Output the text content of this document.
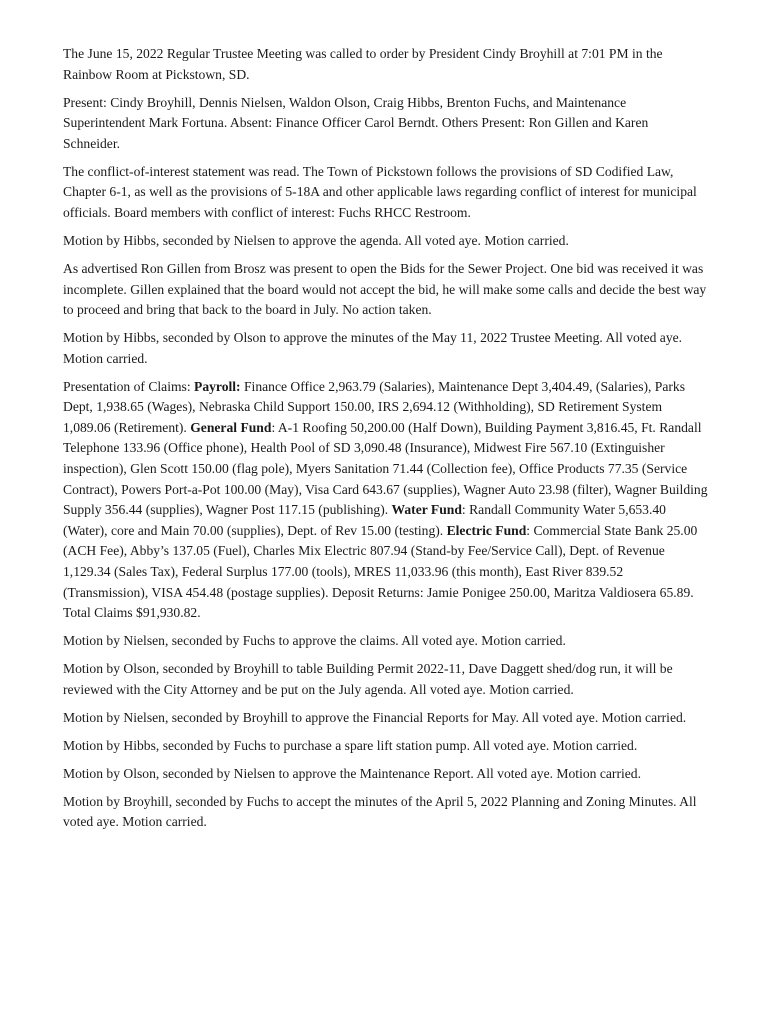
The June 15, 2022 Regular Trustee Meeting was called to order by President Cindy Broyhill at 7:01 PM in the Rainbow Room at Pickstown, SD.

Present: Cindy Broyhill, Dennis Nielsen, Waldon Olson, Craig Hibbs, Brenton Fuchs, and Maintenance Superintendent Mark Fortuna. Absent: Finance Officer Carol Berndt. Others Present: Ron Gillen and Karen Schneider.

The conflict-of-interest statement was read. The Town of Pickstown follows the provisions of SD Codified Law, Chapter 6-1, as well as the provisions of 5-18A and other applicable laws regarding conflict of interest for municipal officials. Board members with conflict of interest: Fuchs RHCC Restroom.

Motion by Hibbs, seconded by Nielsen to approve the agenda. All voted aye. Motion carried.

As advertised Ron Gillen from Brosz was present to open the Bids for the Sewer Project. One bid was received it was incomplete. Gillen explained that the board would not accept the bid, he will make some calls and decide the best way to proceed and bring that back to the board in July. No action taken.

Motion by Hibbs, seconded by Olson to approve the minutes of the May 11, 2022 Trustee Meeting. All voted aye. Motion carried.

Presentation of Claims: Payroll: Finance Office 2,963.79 (Salaries), Maintenance Dept 3,404.49, (Salaries), Parks Dept, 1,938.65 (Wages), Nebraska Child Support 150.00, IRS 2,694.12 (Withholding), SD Retirement System 1,089.06 (Retirement). General Fund: A-1 Roofing 50,200.00 (Half Down), Building Payment 3,816.45, Ft. Randall Telephone 133.96 (Office phone), Health Pool of SD 3,090.48 (Insurance), Midwest Fire 567.10 (Extinguisher inspection), Glen Scott 150.00 (flag pole), Myers Sanitation 71.44 (Collection fee), Office Products 77.35 (Service Contract), Powers Port-a-Pot 100.00 (May), Visa Card 643.67 (supplies), Wagner Auto 23.98 (filter), Wagner Building Supply 356.44 (supplies), Wagner Post 117.15 (publishing). Water Fund: Randall Community Water 5,653.40 (Water), core and Main 70.00 (supplies), Dept. of Rev 15.00 (testing). Electric Fund: Commercial State Bank 25.00 (ACH Fee), Abby’s 137.05 (Fuel), Charles Mix Electric 807.94 (Stand-by Fee/Service Call), Dept. of Revenue 1,129.34 (Sales Tax), Federal Surplus 177.00 (tools), MRES 11,033.96 (this month), East River 839.52 (Transmission), VISA 454.48 (postage supplies). Deposit Returns: Jamie Ponigee 250.00, Maritza Valdiosera 65.89. Total Claims $91,930.82.

Motion by Nielsen, seconded by Fuchs to approve the claims. All voted aye. Motion carried.

Motion by Olson, seconded by Broyhill to table Building Permit 2022-11, Dave Daggett shed/dog run, it will be reviewed with the City Attorney and be put on the July agenda. All voted aye. Motion carried.

Motion by Nielsen, seconded by Broyhill to approve the Financial Reports for May. All voted aye. Motion carried.

Motion by Hibbs, seconded by Fuchs to purchase a spare lift station pump. All voted aye. Motion carried.

Motion by Olson, seconded by Nielsen to approve the Maintenance Report. All voted aye. Motion carried.

Motion by Broyhill, seconded by Fuchs to accept the minutes of the April 5, 2022 Planning and Zoning Minutes. All voted aye. Motion carried.
